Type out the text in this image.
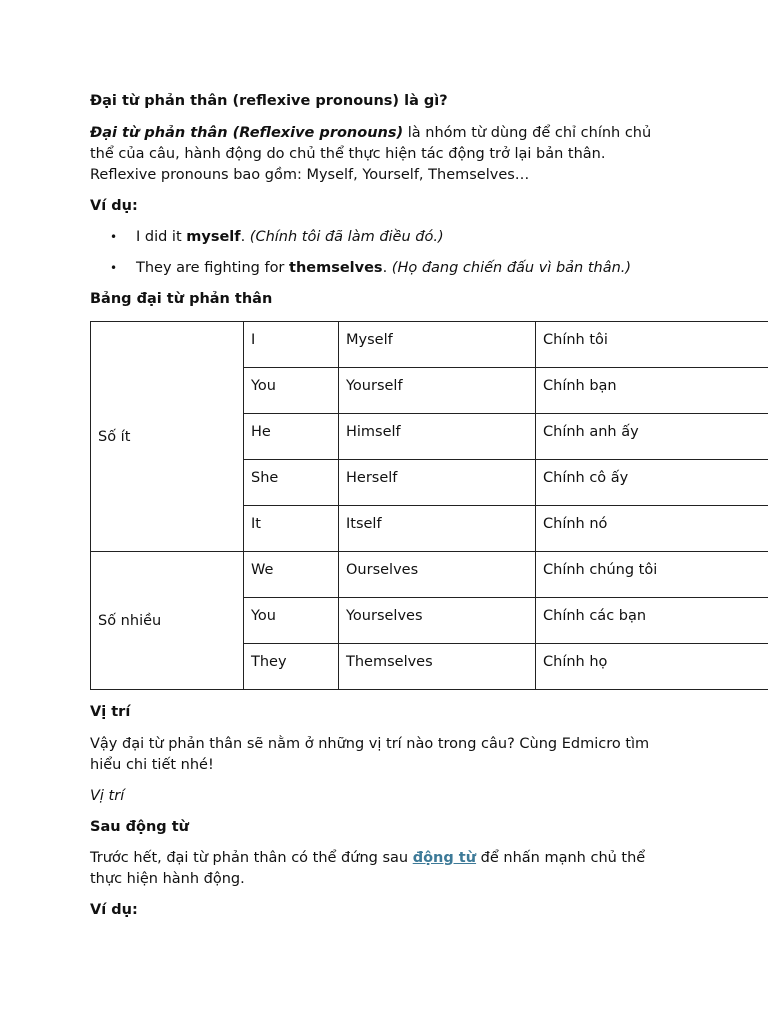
Đại từ phản thân (reflexive pronouns) là gì?
Đại từ phản thân (Reflexive pronouns) là nhóm từ dùng để chỉ chính chủ
thể của câu, hành động do chủ thể thực hiện tác động trở lại bản thân.
Reflexive pronouns bao gồm: Myself, Yourself, Themselves…
Ví dụ:
• I did it myself. (Chính tôi đã làm điều đó.)
• They are fighting for themselves. (Họ đang chiến đấu vì bản thân.)
Bảng đại từ phản thân
Số ít	I	Myself	Chính tôi
	You	Yourself	Chính bạn
	He	Himself	Chính anh ấy
	She	Herself	Chính cô ấy
	It	Itself	Chính nó
Số nhiều	We	Ourselves	Chính chúng tôi
	You	Yourselves	Chính các bạn
	They	Themselves	Chính họ
Vị trí
Vậy đại từ phản thân sẽ nằm ở những vị trí nào trong câu? Cùng Edmicro tìm
hiểu chi tiết nhé!
Vị trí
Sau động từ
Trước hết, đại từ phản thân có thể đứng sau động từ để nhấn mạnh chủ thể
thực hiện hành động.
Ví dụ:
